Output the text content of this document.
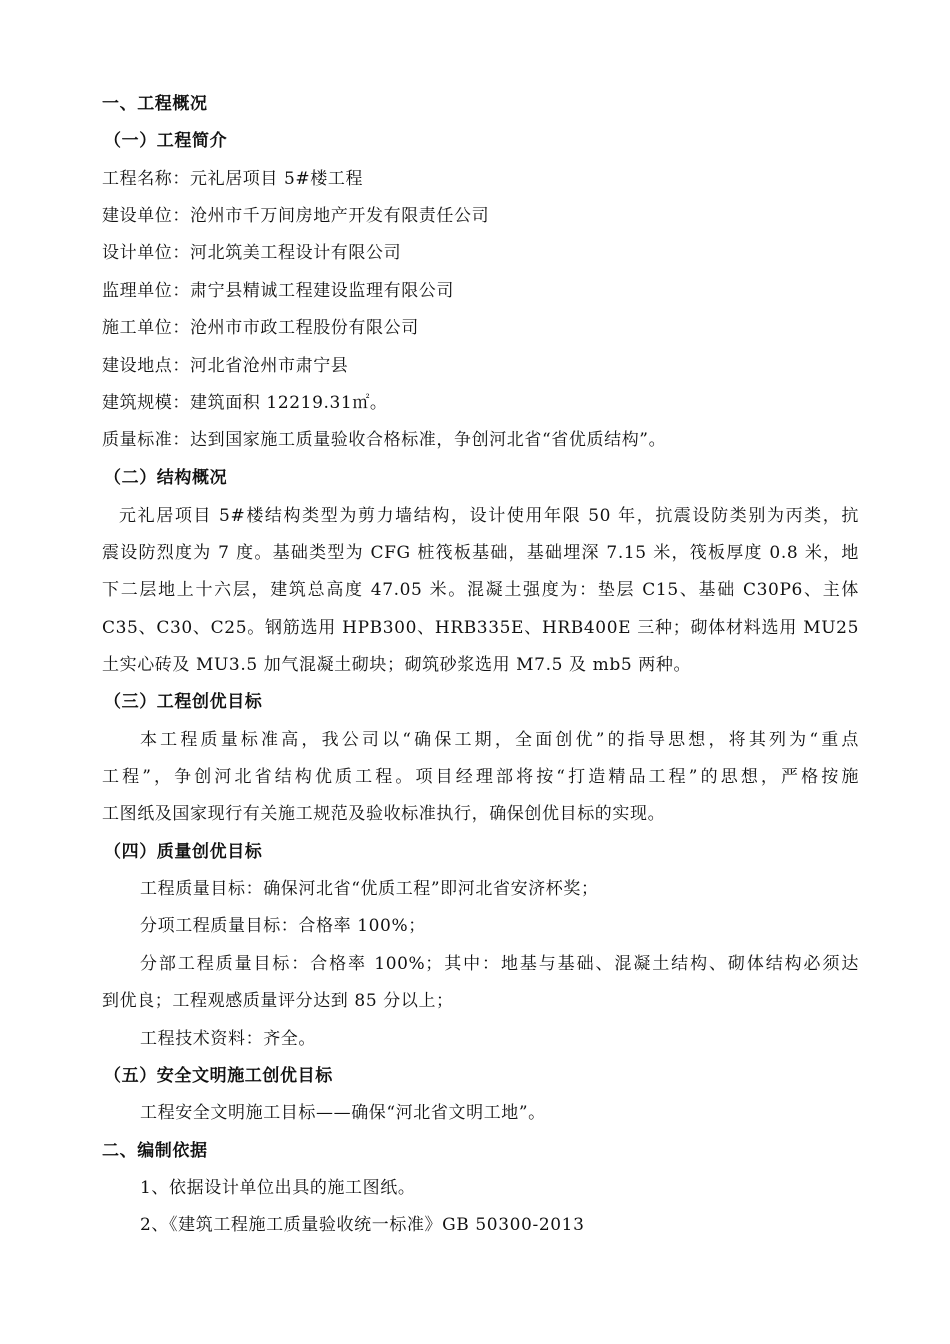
一、工程概况
（一）工程简介
工程名称：元礼居项目 5#楼工程
建设单位：沧州市千万间房地产开发有限责任公司
设计单位：河北筑美工程设计有限公司
监理单位：肃宁县精诚工程建设监理有限公司
施工单位：沧州市市政工程股份有限公司
建设地点：河北省沧州市肃宁县
建筑规模：建筑面积 12219.31㎡。
质量标准：达到国家施工质量验收合格标准，争创河北省“省优质结构”。
（二）结构概况
元礼居项目 5#楼结构类型为剪力墙结构，设计使用年限 50 年，抗震设防类别为丙类，抗
震设防烈度为 7 度。基础类型为 CFG 桩筏板基础，基础埋深 7.15 米，筏板厚度 0.8 米，地
下二层地上十六层，建筑总高度 47.05 米。混凝土强度为：垫层 C15、基础 C30P6、主体
C35、C30、C25。钢筋选用 HPB300、HRB335E、HRB400E 三种；砌体材料选用 MU25
土实心砖及 MU3.5 加气混凝土砌块；砌筑砂浆选用 M7.5 及 mb5 两种。
（三）工程创优目标
本工程质量标准高，我公司以“确保工期，全面创优”的指导思想，将其列为“重点
工程”，争创河北省结构优质工程。项目经理部将按“打造精品工程”的思想，严格按施
工图纸及国家现行有关施工规范及验收标准执行，确保创优目标的实现。
（四）质量创优目标
工程质量目标：确保河北省“优质工程”即河北省安济杯奖；
分项工程质量目标：合格率 100%；
分部工程质量目标：合格率 100%；其中：地基与基础、混凝土结构、砌体结构必须达
到优良；工程观感质量评分达到 85 分以上；
工程技术资料：齐全。
（五）安全文明施工创优目标
工程安全文明施工目标——确保“河北省文明工地”。
二、编制依据
1、依据设计单位出具的施工图纸。
2、《建筑工程施工质量验收统一标准》GB 50300-2013
